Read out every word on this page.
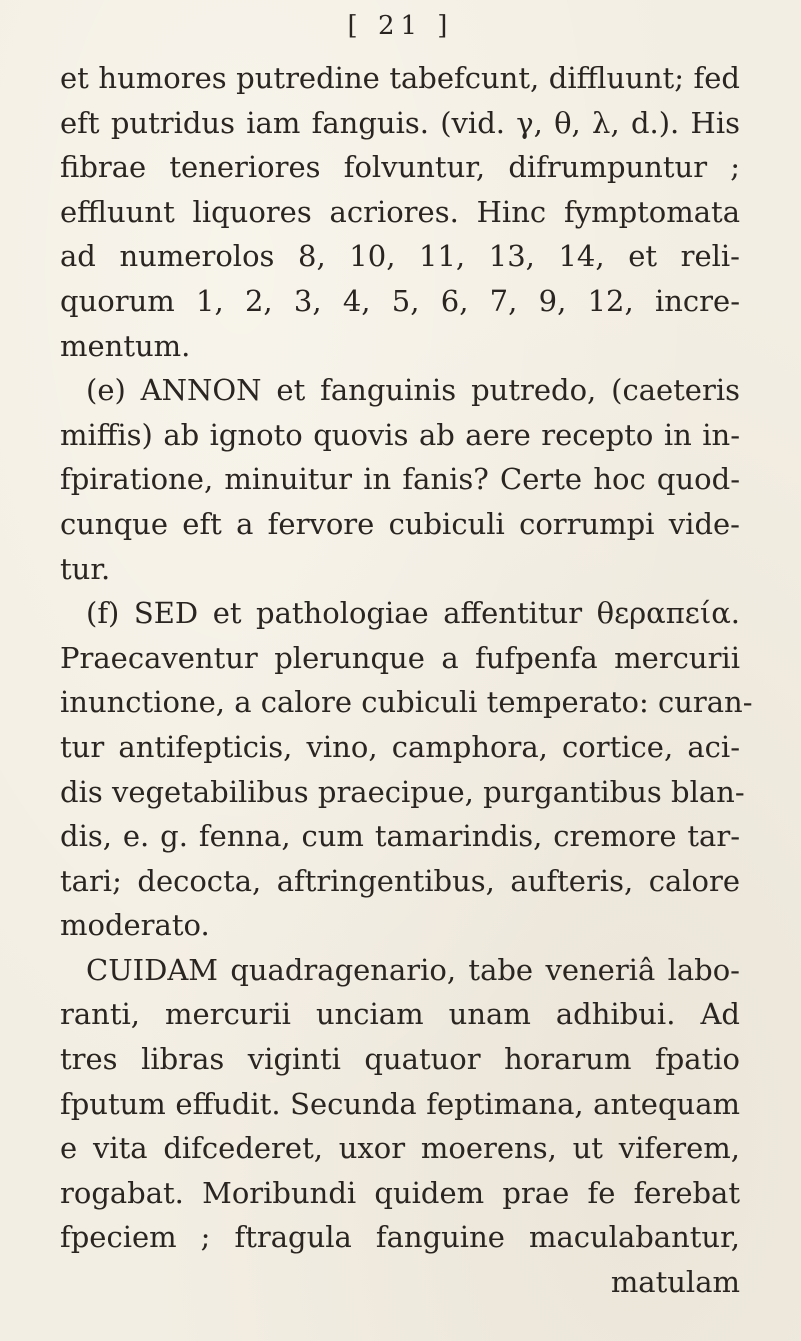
[ 21 ]
et humores putredine tabefcunt, diffluunt; fed
eft putridus iam fanguis. (vid. γ, θ, λ, d.). His
fibrae teneriores folvuntur, difrumpuntur ;
effluunt liquores acriores. Hinc fymptomata
ad numerolos 8, 10, 11, 13, 14, et reli-
quorum 1, 2, 3, 4, 5, 6, 7, 9, 12, incre-
mentum.
(e) ANNON et fanguinis putredo, (caeteris
miffis) ab ignoto quovis ab aere recepto in in-
fpiratione, minuitur in fanis? Certe hoc quod-
cunque eft a fervore cubiculi corrumpi vide-
tur.
(f) SED et pathologiae affentitur θεραπεία.
Praecaventur plerunque a fufpenfa mercurii
inunctione, a calore cubiculi temperato: curan-
tur antifepticis, vino, camphora, cortice, aci-
dis vegetabilibus praecipue, purgantibus blan-
dis, e. g. fenna, cum tamarindis, cremore tar-
tari; decocta, aftringentibus, aufteris, calore
moderato.
CUIDAM quadragenario, tabe veneriâ labo-
ranti, mercurii unciam unam adhibui. Ad
tres libras viginti quatuor horarum fpatio
fputum effudit. Secunda feptimana, antequam
e vita difcederet, uxor moerens, ut viferem,
rogabat. Moribundi quidem prae fe ferebat
fpeciem ; ftragula fanguine maculabantur,
matulam
